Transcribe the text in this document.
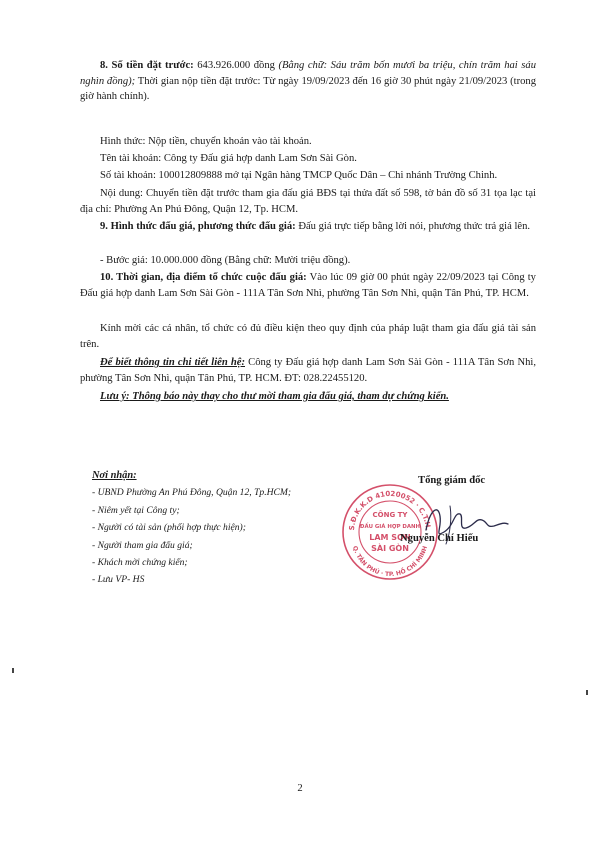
8. Số tiền đặt trước: 643.926.000 đồng (Bằng chữ: Sáu trăm bốn mươi ba triệu, chín trăm hai sáu nghìn đồng); Thời gian nộp tiền đặt trước: Từ ngày 19/09/2023 đến 16 giờ 30 phút ngày 21/09/2023 (trong giờ hành chính).
Hình thức: Nộp tiền, chuyển khoản vào tài khoản.
Tên tài khoản: Công ty Đấu giá hợp danh Lam Sơn Sài Gòn.
Số tài khoản: 100012809888 mở tại Ngân hàng TMCP Quốc Dân – Chi nhánh Trường Chinh.
Nội dung: Chuyển tiền đặt trước tham gia đấu giá BĐS tại thửa đất số 598, tờ bản đồ số 31 tọa lạc tại địa chỉ: Phường An Phú Đông, Quận 12, Tp. HCM.
9. Hình thức đấu giá, phương thức đấu giá: Đấu giá trực tiếp bằng lời nói, phương thức trả giá lên.
- Bước giá: 10.000.000 đồng (Bằng chữ: Mười triệu đồng).
10. Thời gian, địa điểm tổ chức cuộc đấu giá: Vào lúc 09 giờ 00 phút ngày 22/09/2023 tại Công ty Đấu giá hợp danh Lam Sơn Sài Gòn - 111A Tân Sơn Nhì, phường Tân Sơn Nhì, quận Tân Phú, TP. HCM.
Kính mời các cá nhân, tổ chức có đủ điều kiện theo quy định của pháp luật tham gia đấu giá tài sản trên.
Để biết thông tin chi tiết liên hệ: Công ty Đấu giá hợp danh Lam Sơn Sài Gòn - 111A Tân Sơn Nhì, phường Tân Sơn Nhì, quận Tân Phú, TP. HCM. ĐT: 028.22455120.
Lưu ý: Thông báo này thay cho thư mời tham gia đấu giá, tham dự chứng kiến.
Nơi nhận:
- UBND Phường An Phú Đông, Quận 12, Tp.HCM;
- Niêm yết tại Công ty;
- Người có tài sản (phối hợp thực hiện);
- Người tham gia đấu giá;
- Khách mời chứng kiến;
- Lưu VP- HS
Tổng giám đốc
S.Đ.K.K.D 41020052 · C.T.H.
Q. TÂN PHÚ · TP. HỒ CHÍ MINH
CÔNG TY
ĐẤU GIÁ HỢP DANH
LAM SƠN
SÀI GÒN
Nguyễn Chí Hiếu
2
